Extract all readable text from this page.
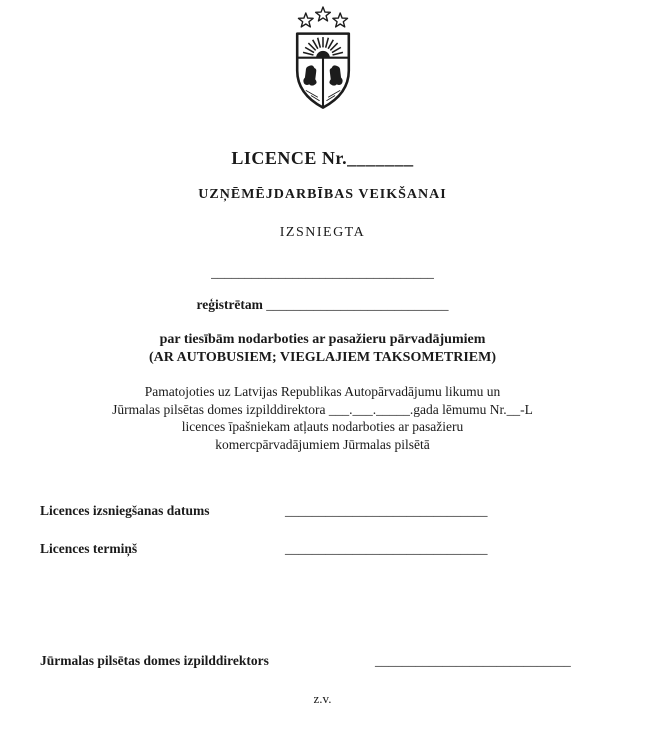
LICENCE Nr._______
UZŅĒMĒJDARBĪBAS VEIKŠANAI
IZSNIEGTA
_________________________________
reģistrētam ___________________________
par tiesībām nodarboties ar pasažieru pārvadājumiem
(AR AUTOBUSIEM; VIEGLAJIEM TAKSOMETRIEM)
Pamatojoties uz Latvijas Republikas Autopārvadājumu likumu un
Jūrmalas pilsētas domes izpilddirektora ___.___._____.gada lēmumu Nr.__-L
licences īpašniekam atļauts nodarboties ar pasažieru
komercpārvadājumiem Jūrmalas pilsētā
Licences izsniegšanas datums	______________________________
Licences termiņš	______________________________
Jūrmalas pilsētas domes izpilddirektors	_____________________________
z.v.
